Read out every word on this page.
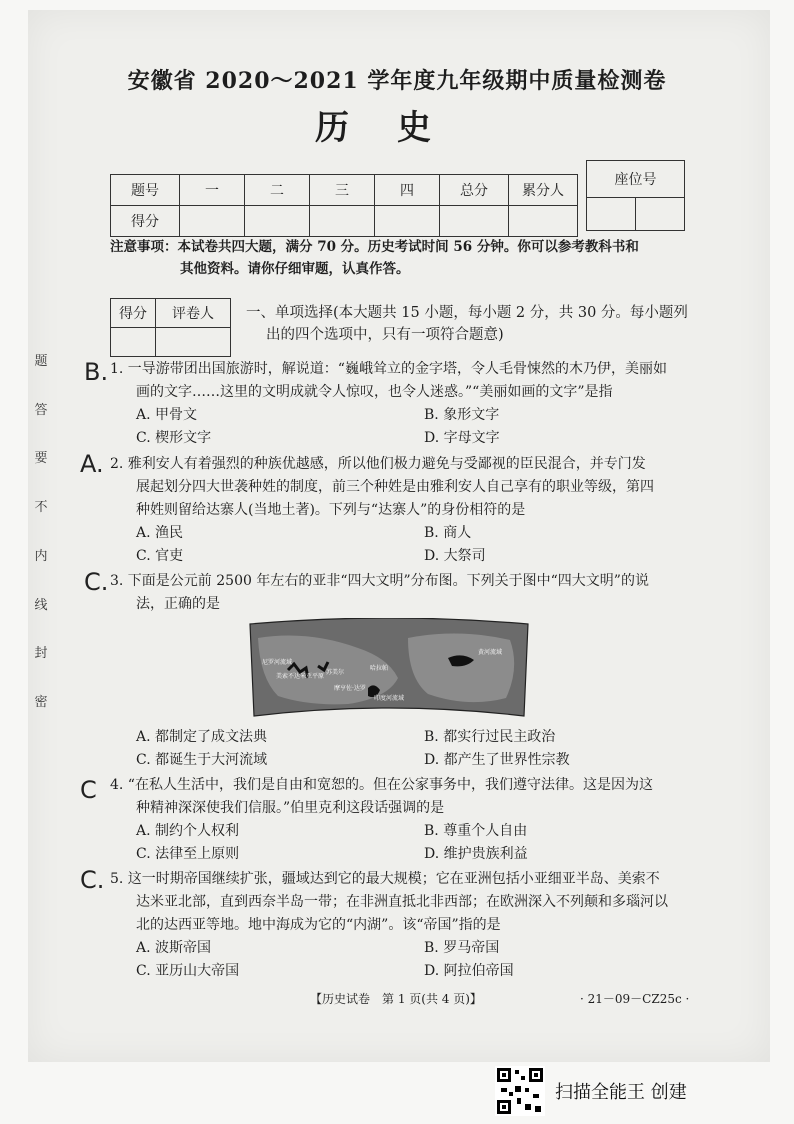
题
答
要
不
内
线
封
密
安徽省 2020～2021 学年度九年级期中质量检测卷
历史
题号	一	二	三	四	总分	累分人
得分						
座位号

注意事项：本试卷共四大题，满分 70 分。历史考试时间 56 分钟。你可以参考教科书和
其他资料。请你仔细审题，认真作答。
得分	评卷人
	一、单项选择(本大题共 15 小题，每小题 2 分，共 30 分。每小题列
出的四个选项中，只有一项符合题意)
B. 1. 一导游带团出国旅游时，解说道：“巍峨耸立的金字塔，令人毛骨悚然的木乃伊，美丽如
画的文字……这里的文明成就令人惊叹，也令人迷惑。”“美丽如画的文字”是指
A. 甲骨文	B. 象形文字
C. 楔形文字	D. 字母文字
A. 2. 雅利安人有着强烈的种族优越感，所以他们极力避免与受鄙视的臣民混合，并专门发
展起划分四大世袭种姓的制度，前三个种姓是由雅利安人自己享有的职业等级，第四
种姓则留给达寨人(当地土著)。下列与“达寨人”的身份相符的是
A. 渔民	B. 商人
C. 官吏	D. 大祭司
C. 3. 下面是公元前 2500 年左右的亚非“四大文明”分布图。下列关于图中“四大文明”的说
法，正确的是
尼罗河流域
美索不达米亚平原
苏美尔
哈拉帕
摩亨佐·达罗
印度河流域
黄河流域
A. 都制定了成文法典	B. 都实行过民主政治
C. 都诞生于大河流域	D. 都产生了世界性宗教
C 4. “在私人生活中，我们是自由和宽恕的。但在公家事务中，我们遵守法律。这是因为这
种精神深深使我们信服。”伯里克利这段话强调的是
A. 制约个人权利	B. 尊重个人自由
C. 法律至上原则	D. 维护贵族利益
C. 5. 这一时期帝国继续扩张，疆域达到它的最大规模；它在亚洲包括小亚细亚半岛、美索不
达米亚北部，直到西奈半岛一带；在非洲直抵北非西部；在欧洲深入不列颠和多瑙河以
北的达西亚等地。地中海成为它的“内湖”。该“帝国”指的是
A. 波斯帝国	B. 罗马帝国
C. 亚历山大帝国	D. 阿拉伯帝国
【历史试卷　第 1 页(共 4 页)】	· 21－09－CZ25c ·
扫描全能王 创建
